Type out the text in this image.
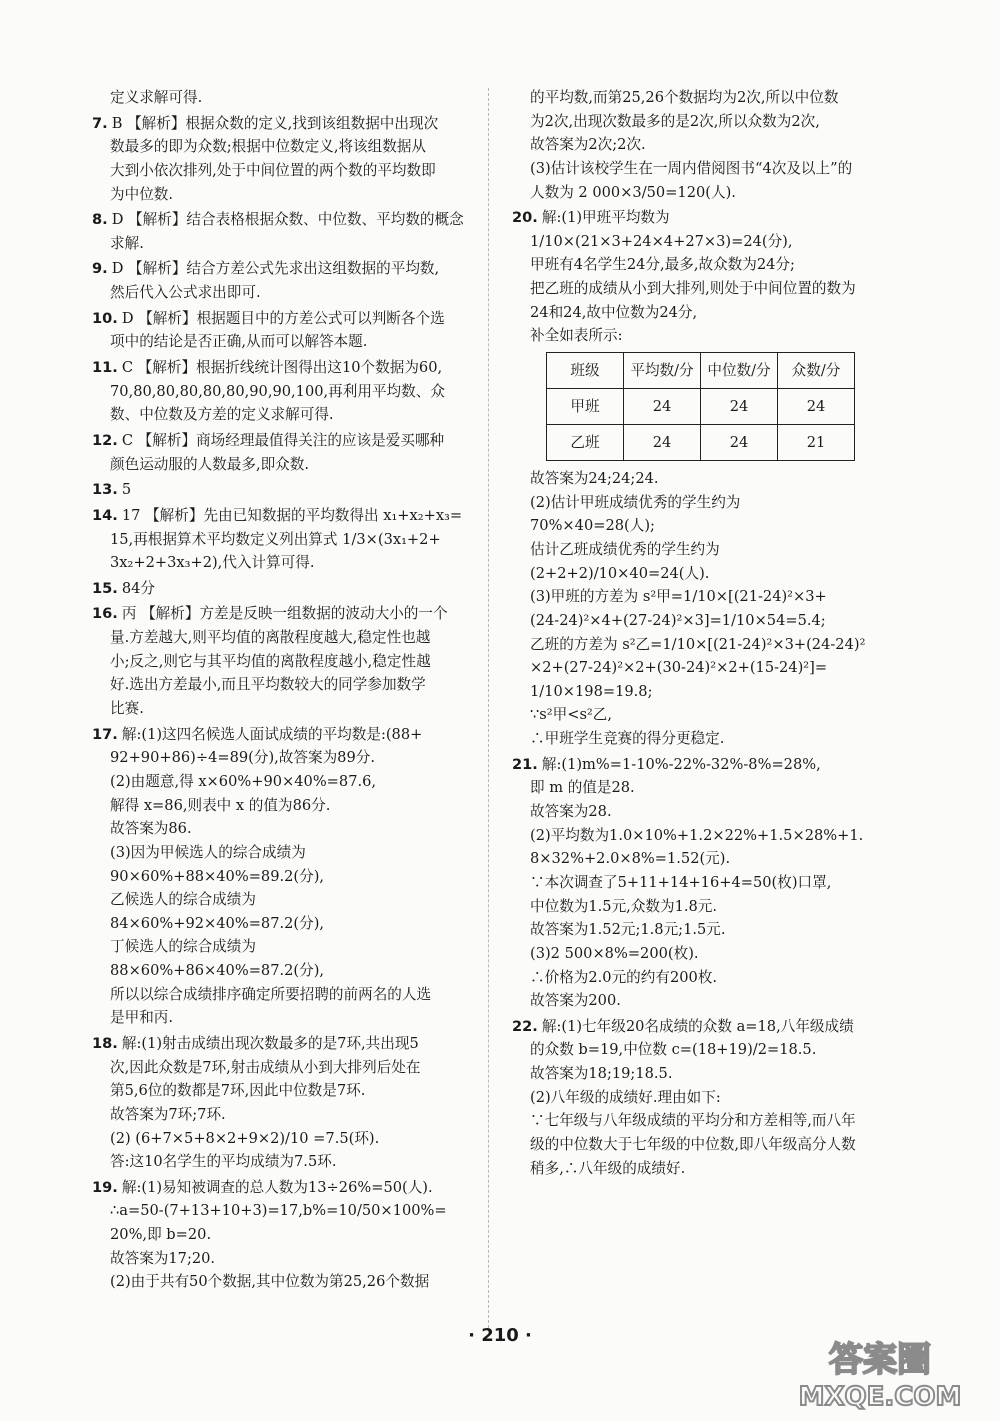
定义求解可得.
7. B 【解析】根据众数的定义,找到该组数据中出现次
数最多的即为众数;根据中位数定义,将该组数据从
大到小依次排列,处于中间位置的两个数的平均数即
为中位数.
8. D 【解析】结合表格根据众数、中位数、平均数的概念
求解.
9. D 【解析】结合方差公式先求出这组数据的平均数,
然后代入公式求出即可.
10. D 【解析】根据题目中的方差公式可以判断各个选
项中的结论是否正确,从而可以解答本题.
11. C 【解析】根据折线统计图得出这10个数据为60,
70,80,80,80,80,80,90,90,100,再利用平均数、众
数、中位数及方差的定义求解可得.
12. C 【解析】商场经理最值得关注的应该是爱买哪种
颜色运动服的人数最多,即众数.
13. 5
14. 17 【解析】先由已知数据的平均数得出 x₁+x₂+x₃=
15,再根据算术平均数定义列出算式 1/3×(3x₁+2+
3x₂+2+3x₃+2),代入计算可得.
15. 84分
16. 丙 【解析】方差是反映一组数据的波动大小的一个
量.方差越大,则平均值的离散程度越大,稳定性也越
小;反之,则它与其平均值的离散程度越小,稳定性越
好.选出方差最小,而且平均数较大的同学参加数学
比赛.
17. 解:(1)这四名候选人面试成绩的平均数是:(88+
92+90+86)÷4=89(分),故答案为89分.
(2)由题意,得 x×60%+90×40%=87.6,
解得 x=86,则表中 x 的值为86分.
故答案为86.
(3)因为甲候选人的综合成绩为
90×60%+88×40%=89.2(分),
乙候选人的综合成绩为
84×60%+92×40%=87.2(分),
丁候选人的综合成绩为
88×60%+86×40%=87.2(分),
所以以综合成绩排序确定所要招聘的前两名的人选
是甲和丙.
18. 解:(1)射击成绩出现次数最多的是7环,共出现5
次,因此众数是7环,射击成绩从小到大排列后处在
第5,6位的数都是7环,因此中位数是7环.
故答案为7环;7环.
(2) (6+7×5+8×2+9×2)/10 =7.5(环).
答:这10名学生的平均成绩为7.5环.
19. 解:(1)易知被调查的总人数为13÷26%=50(人).
∴a=50-(7+13+10+3)=17,b%=10/50×100%=
20%,即 b=20.
故答案为17;20.
(2)由于共有50个数据,其中位数为第25,26个数据
的平均数,而第25,26个数据均为2次,所以中位数
为2次,出现次数最多的是2次,所以众数为2次,
故答案为2次;2次.
(3)估计该校学生在一周内借阅图书“4次及以上”的
人数为 2 000×3/50=120(人).
20. 解:(1)甲班平均数为
1/10×(21×3+24×4+27×3)=24(分),
甲班有4名学生24分,最多,故众数为24分;
把乙班的成绩从小到大排列,则处于中间位置的数为
24和24,故中位数为24分,
补全如表所示:
班级	平均数/分	中位数/分	众数/分
甲班	24	24	24
乙班	24	24	21
故答案为24;24;24.
(2)估计甲班成绩优秀的学生约为
70%×40=28(人);
估计乙班成绩优秀的学生约为
(2+2+2)/10×40=24(人).
(3)甲班的方差为 s²甲=1/10×[(21-24)²×3+
(24-24)²×4+(27-24)²×3]=1/10×54=5.4;
乙班的方差为 s²乙=1/10×[(21-24)²×3+(24-24)²
×2+(27-24)²×2+(30-24)²×2+(15-24)²]=
1/10×198=19.8;
∵s²甲<s²乙,
∴甲班学生竞赛的得分更稳定.
21. 解:(1)m%=1-10%-22%-32%-8%=28%,
即 m 的值是28.
故答案为28.
(2)平均数为1.0×10%+1.2×22%+1.5×28%+1.
8×32%+2.0×8%=1.52(元).
∵本次调查了5+11+14+16+4=50(枚)口罩,
中位数为1.5元,众数为1.8元.
故答案为1.52元;1.8元;1.5元.
(3)2 500×8%=200(枚).
∴价格为2.0元的约有200枚.
故答案为200.
22. 解:(1)七年级20名成绩的众数 a=18,八年级成绩
的众数 b=19,中位数 c=(18+19)/2=18.5.
故答案为18;19;18.5.
(2)八年级的成绩好.理由如下:
∵七年级与八年级成绩的平均分和方差相等,而八年
级的中位数大于七年级的中位数,即八年级高分人数
稍多,∴八年级的成绩好.
· 210 ·
答案圈
MXQE.COM
